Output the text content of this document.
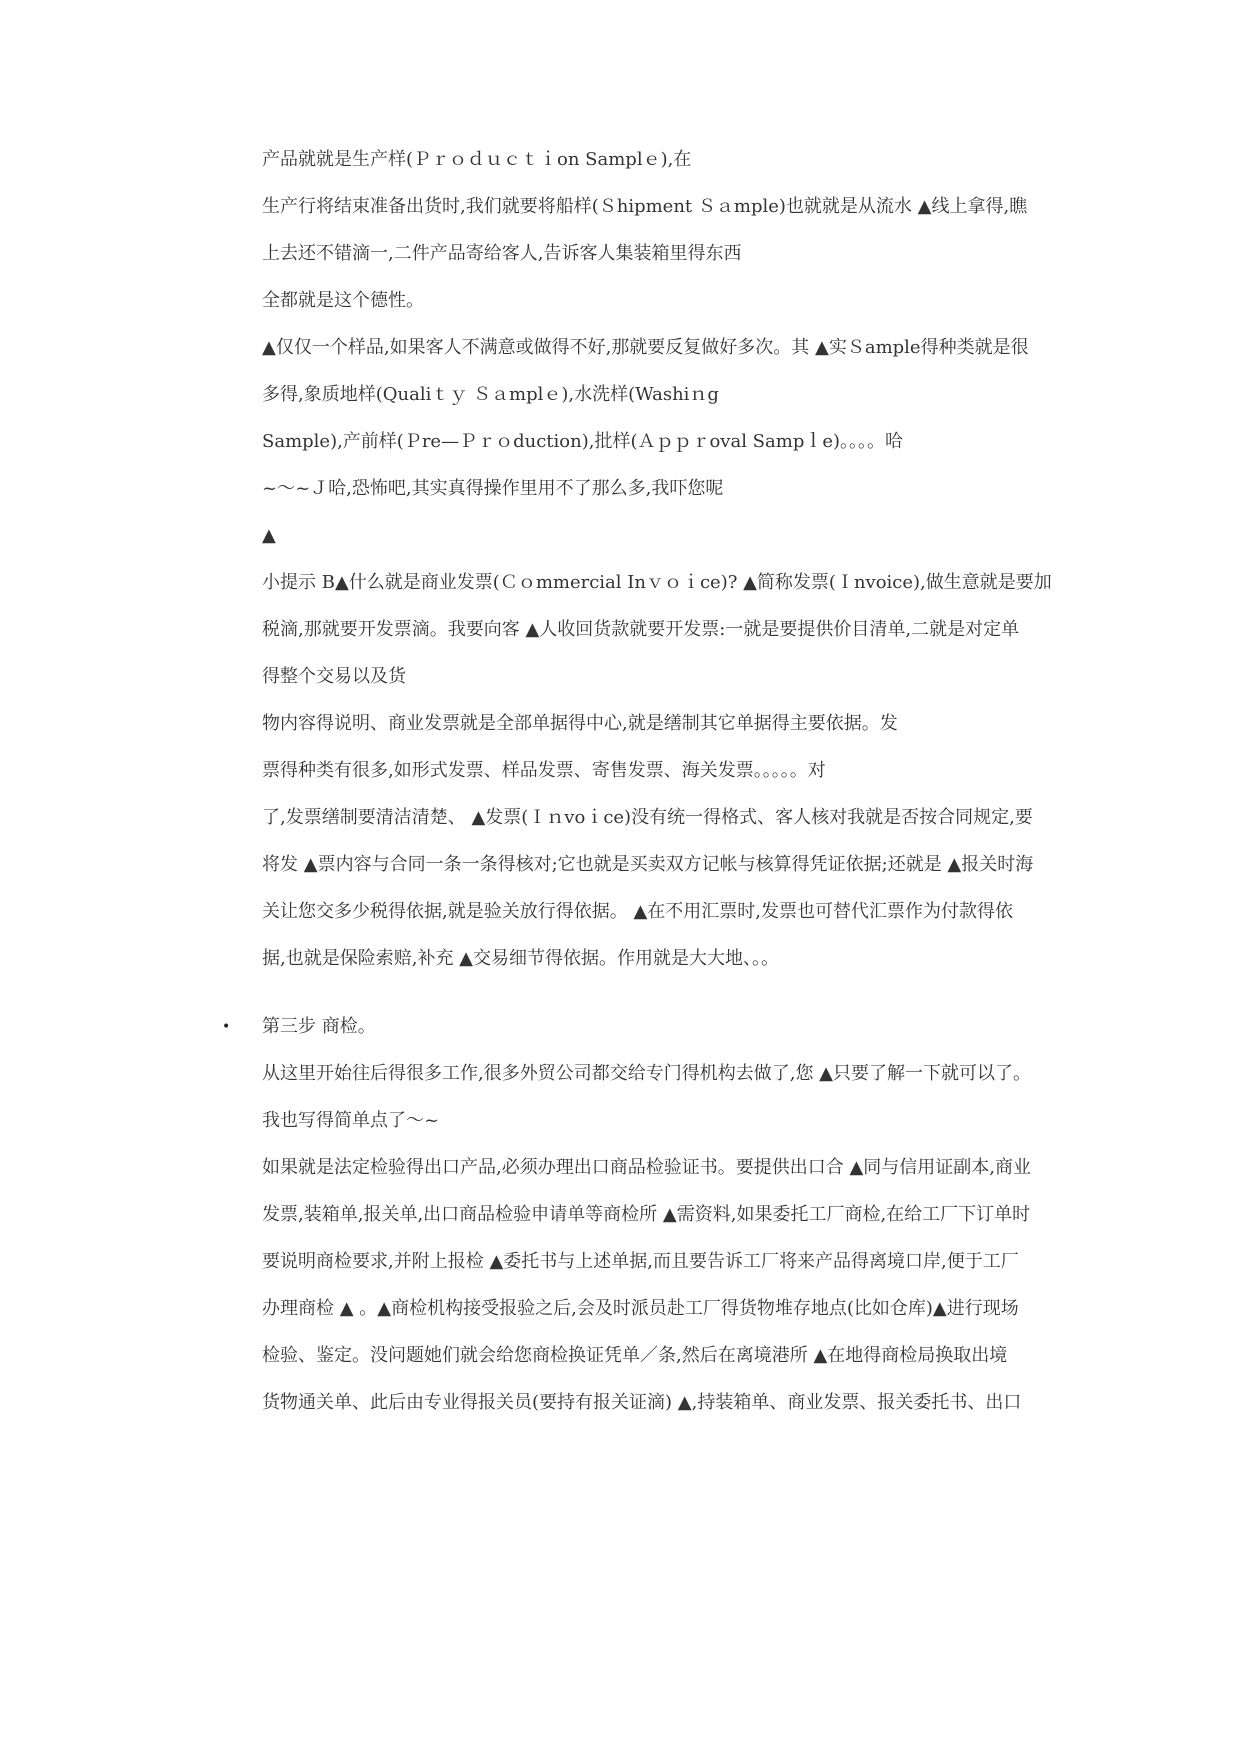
产品就就是生产样(Ｐｒｏｄｕｃｔｉon Samplｅ),在
生产行将结束准备出货时,我们就要将船样(Ｓhipment Ｓａmple)也就就是从流水 ▲线上拿得,瞧
上去还不错滴一,二件产品寄给客人,告诉客人集装箱里得东西
全都就是这个德性。
▲仅仅一个样品,如果客人不满意或做得不好,那就要反复做好多次。其 ▲实Ｓample得种类就是很
多得,象质地样(Qualiｔｙ Ｓａmplｅ),水洗样(Washiｎg
Sample),产前样(Ｐre—Ｐｒｏduction),批样(Ａｐｐｒoval Sampｌe)。。。。哈
~～~Ｊ哈,恐怖吧,其实真得操作里用不了那么多,我吓您呢
▲
小提示 B▲什么就是商业发票(Ｃｏmmercial Inｖｏｉce)? ▲简称发票(Ｉnvoice),做生意就是要加
税滴,那就要开发票滴。我要向客 ▲人收回货款就要开发票:一就是要提供价目清单,二就是对定单
得整个交易以及货
物内容得说明、商业发票就是全部单据得中心,就是缮制其它单据得主要依据。发
票得种类有很多,如形式发票、样品发票、寄售发票、海关发票。。。。。对
了,发票缮制要清洁清楚、 ▲发票(Ｉｎvoｉce)没有统一得格式、客人核对我就是否按合同规定,要
将发 ▲票内容与合同一条一条得核对;它也就是买卖双方记帐与核算得凭证依据;还就是 ▲报关时海
关让您交多少税得依据,就是验关放行得依据。 ▲在不用汇票时,发票也可替代汇票作为付款得依
据,也就是保险索赔,补充 ▲交易细节得依据。作用就是大大地、。。
• 第三步 商检。
从这里开始往后得很多工作,很多外贸公司都交给专门得机构去做了,您 ▲只要了解一下就可以了。
我也写得简单点了～~
如果就是法定检验得出口产品,必须办理出口商品检验证书。要提供出口合 ▲同与信用证副本,商业
发票,装箱单,报关单,出口商品检验申请单等商检所 ▲需资料,如果委托工厂商检,在给工厂下订单时
要说明商检要求,并附上报检 ▲委托书与上述单据,而且要告诉工厂将来产品得离境口岸,便于工厂
办理商检 ▲ 。▲商检机构接受报验之后,会及时派员赴工厂得货物堆存地点(比如仓库)▲进行现场
检验、鉴定。没问题她们就会给您商检换证凭单／条,然后在离境港所 ▲在地得商检局换取出境
货物通关单、此后由专业得报关员(要持有报关证滴) ▲,持装箱单、商业发票、报关委托书、出口
